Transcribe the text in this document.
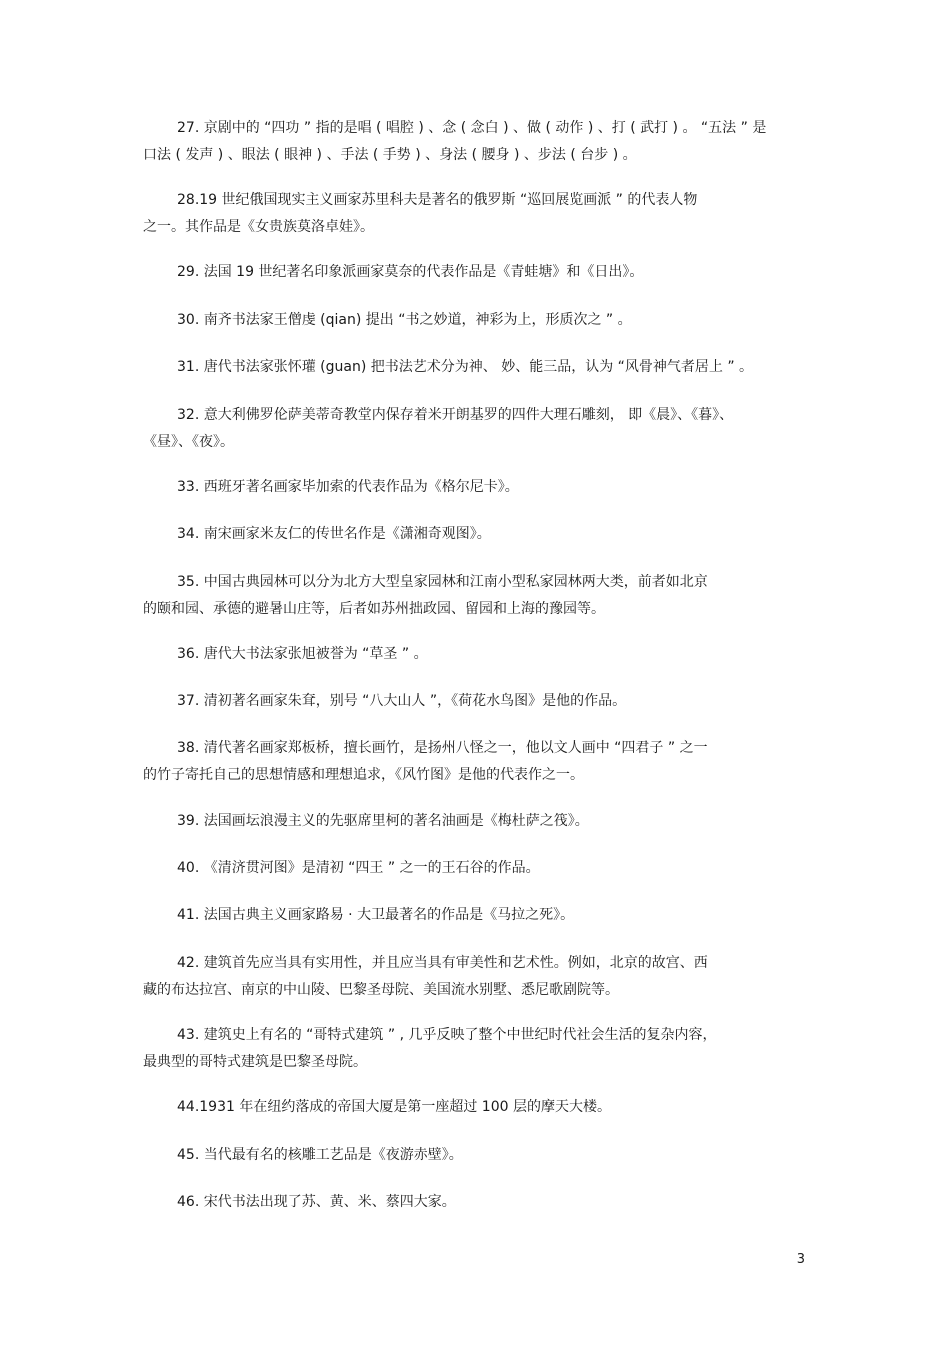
27. 京剧中的 “四功 ” 指的是唱 ( 唱腔 ) 、念 ( 念白 ) 、做 ( 动作 ) 、打 ( 武打 ) 。 “五法 ” 是
口法 ( 发声 ) 、眼法 ( 眼神 ) 、手法 ( 手势 ) 、身法 ( 腰身 ) 、步法 ( 台步 ) 。
28.19 世纪俄国现实主义画家苏里科夫是著名的俄罗斯 “巡回展览画派 ” 的代表人物
之一。其作品是《女贵族莫洛卓娃》。
29. 法国 19 世纪著名印象派画家莫奈的代表作品是《青蛙塘》和《日出》。
30. 南齐书法家王僧虔 (qian) 提出 “书之妙道，神彩为上，形质次之 ” 。
31. 唐代书法家张怀瓘 (guan) 把书法艺术分为神、 妙、能三品，认为 “风骨神气者居上 ” 。
32. 意大利佛罗伦萨美蒂奇教堂内保存着米开朗基罗的四件大理石雕刻， 即《晨》、《暮》、
《昼》、《夜》。
33. 西班牙著名画家毕加索的代表作品为《格尔尼卡》。
34. 南宋画家米友仁的传世名作是《潇湘奇观图》。
35. 中国古典园林可以分为北方大型皇家园林和江南小型私家园林两大类，前者如北京
的颐和园、承德的避暑山庄等，后者如苏州拙政园、留园和上海的豫园等。
36. 唐代大书法家张旭被誉为 “草圣 ” 。
37. 清初著名画家朱耷，别号 “八大山人 ”，《荷花水鸟图》是他的作品。
38. 清代著名画家郑板桥，擅长画竹，是扬州八怪之一，他以文人画中 “四君子 ” 之一
的竹子寄托自己的思想情感和理想追求，《风竹图》是他的代表作之一。
39. 法国画坛浪漫主义的先驱席里柯的著名油画是《梅杜萨之筏》。
40. 《清济贯河图》是清初 “四王 ” 之一的王石谷的作品。
41. 法国古典主义画家路易 · 大卫最著名的作品是《马拉之死》。
42. 建筑首先应当具有实用性，并且应当具有审美性和艺术性。例如，北京的故宫、西
藏的布达拉宫、南京的中山陵、巴黎圣母院、美国流水别墅、悉尼歌剧院等。
43. 建筑史上有名的 “哥特式建筑 ” , 几乎反映了整个中世纪时代社会生活的复杂内容，
最典型的哥特式建筑是巴黎圣母院。
44.1931 年在纽约落成的帝国大厦是第一座超过 100 层的摩天大楼。
45. 当代最有名的核雕工艺品是《夜游赤壁》。
46. 宋代书法出现了苏、黄、米、蔡四大家。
3
